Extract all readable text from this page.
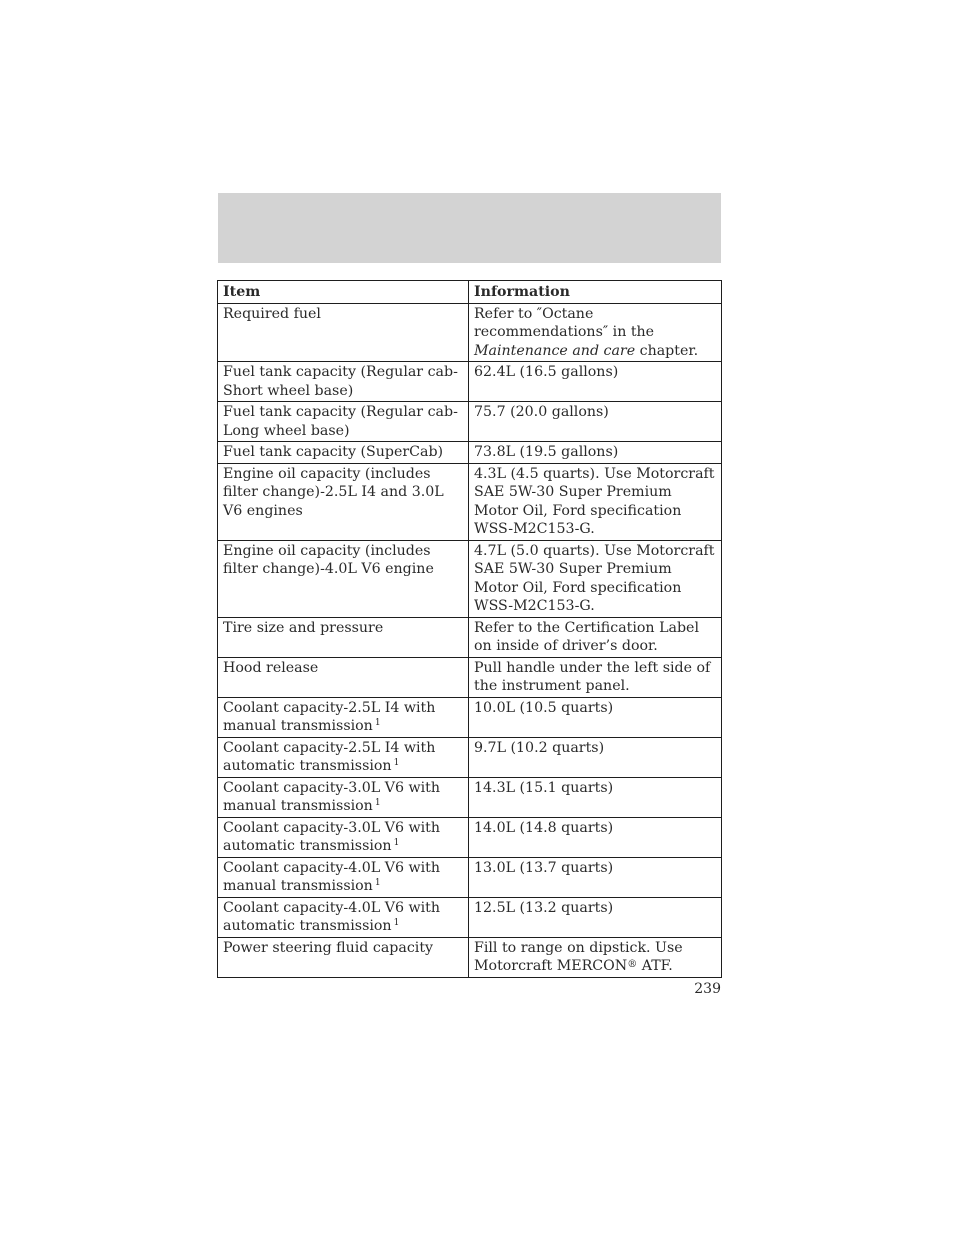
Item	Information
Required fuel	Refer to ″Octane recommendations″ in the Maintenance and care chapter.
Fuel tank capacity (Regular cab-Short wheel base)	62.4L (16.5 gallons)
Fuel tank capacity (Regular cab-Long wheel base)	75.7 (20.0 gallons)
Fuel tank capacity (SuperCab)	73.8L (19.5 gallons)
Engine oil capacity (includes filter change)-2.5L I4 and 3.0L V6 engines	4.3L (4.5 quarts). Use Motorcraft SAE 5W-30 Super Premium Motor Oil, Ford specification WSS-M2C153-G.
Engine oil capacity (includes filter change)-4.0L V6 engine	4.7L (5.0 quarts). Use Motorcraft SAE 5W-30 Super Premium Motor Oil, Ford specification WSS-M2C153-G.
Tire size and pressure	Refer to the Certification Label on inside of driver’s door.
Hood release	Pull handle under the left side of the instrument panel.
Coolant capacity-2.5L I4 with manual transmission $^1$	10.0L (10.5 quarts)
Coolant capacity-2.5L I4 with automatic transmission $^1$	9.7L (10.2 quarts)
Coolant capacity-3.0L V6 with manual transmission $^1$	14.3L (15.1 quarts)
Coolant capacity-3.0L V6 with automatic transmission $^1$	14.0L (14.8 quarts)
Coolant capacity-4.0L V6 with manual transmission $^1$	13.0L (13.7 quarts)
Coolant capacity-4.0L V6 with automatic transmission $^1$	12.5L (13.2 quarts)
Power steering fluid capacity	Fill to range on dipstick. Use Motorcraft MERCON® ATF.
239
